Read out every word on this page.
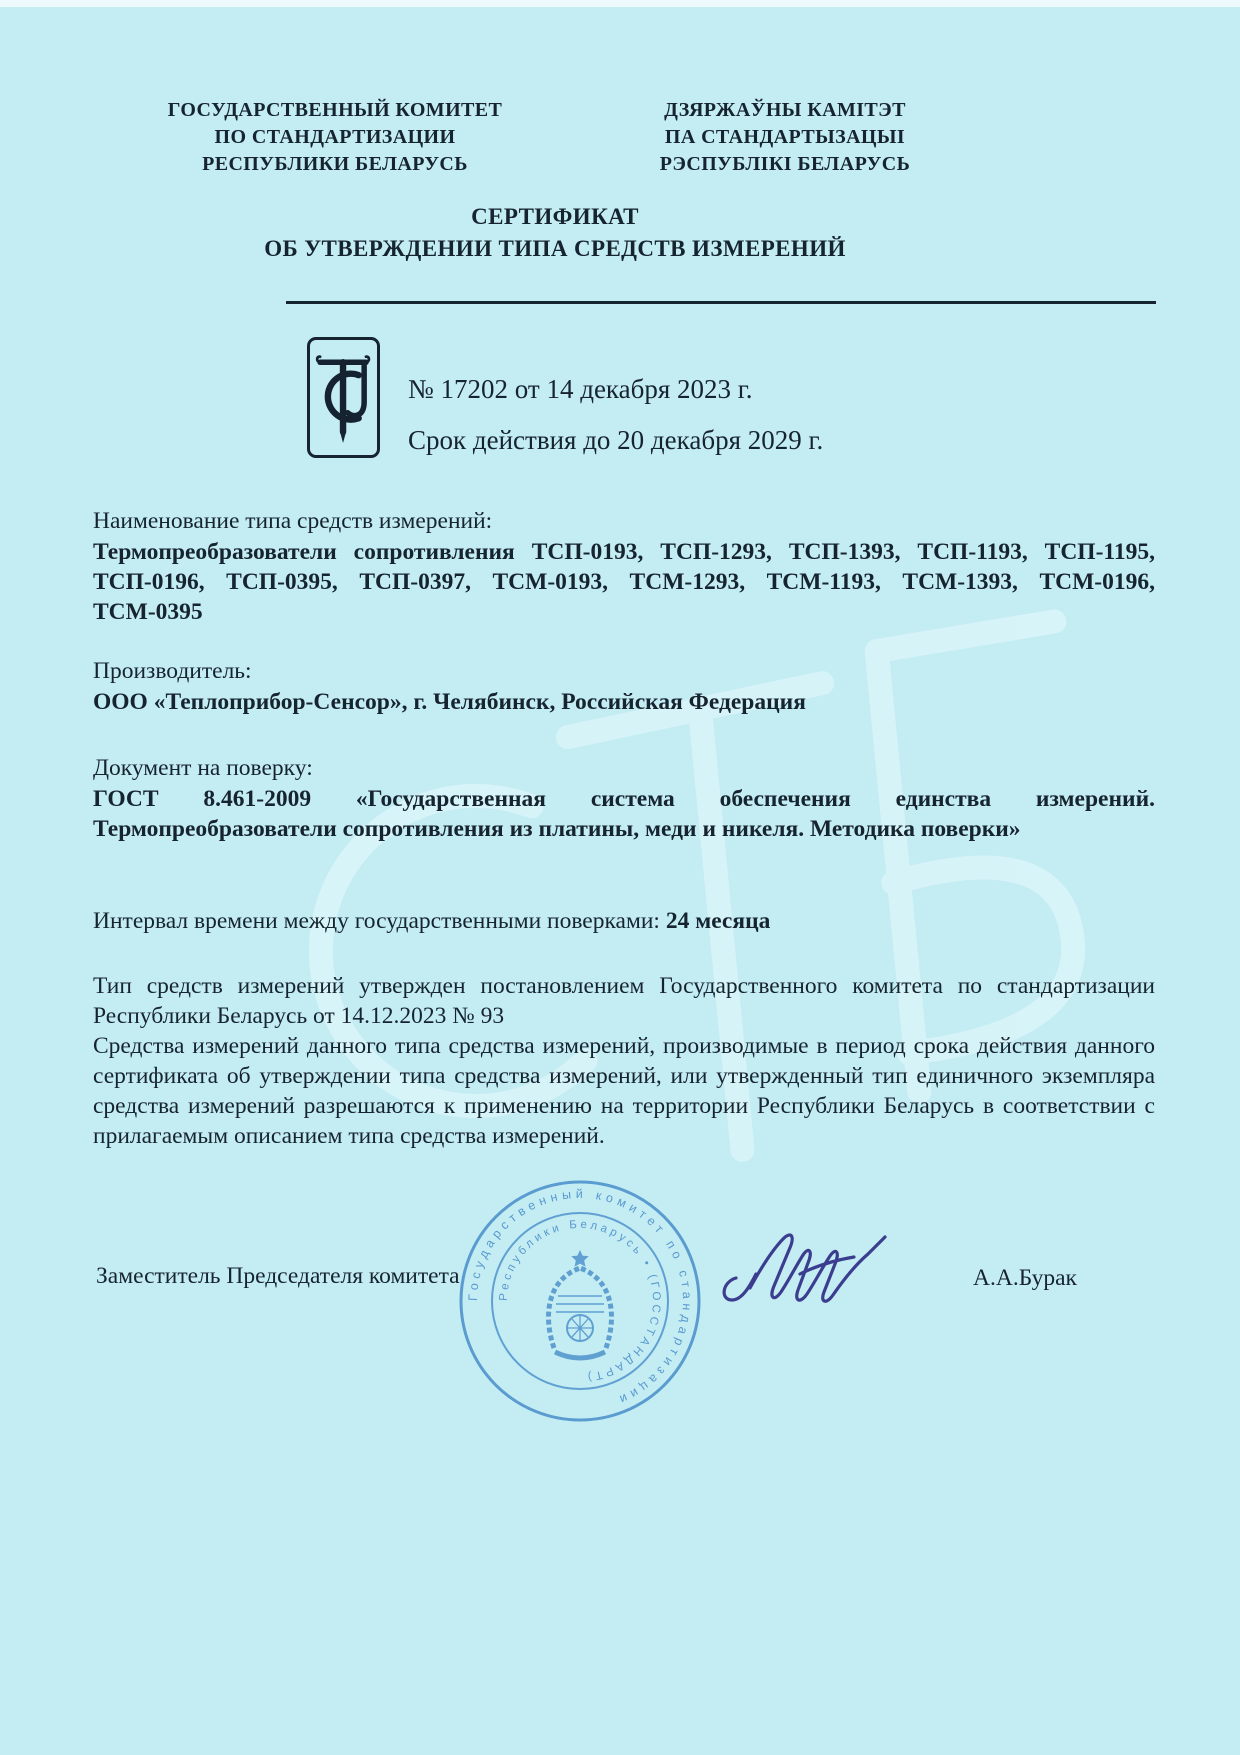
ГОСУДАРСТВЕННЫЙ КОМИТЕТ
ПО СТАНДАРТИЗАЦИИ
РЕСПУБЛИКИ БЕЛАРУСЬ
ДЗЯРЖАЎНЫ КАМІТЭТ
ПА СТАНДАРТЫЗАЦЫІ
РЭСПУБЛІКІ БЕЛАРУСЬ
СЕРТИФИКАТ
ОБ УТВЕРЖДЕНИИ ТИПА СРЕДСТВ ИЗМЕРЕНИЙ
№ 17202 от 14 декабря 2023 г.
Срок действия до 20 декабря 2029 г.
Наименование типа средств измерений:
Термопреобразователи сопротивления ТСП-0193, ТСП-1293, ТСП-1393, ТСП-1193, ТСП-1195, ТСП-0196, ТСП-0395, ТСП-0397, ТСМ-0193, ТСМ-1293, ТСМ-1193, ТСМ-1393, ТСМ-0196, ТСМ-0395
Производитель:
ООО «Теплоприбор-Сенсор», г. Челябинск, Российская Федерация
Документ на поверку:
ГОСТ 8.461-2009 «Государственная система обеспечения единства измерений. Термопреобразователи сопротивления из платины, меди и никеля. Методика поверки»
Интервал времени между государственными поверками: 24 месяца
Тип средств измерений утвержден постановлением Государственного комитета по стандартизации Республики Беларусь от 14.12.2023 № 93
Средства измерений данного типа средства измерений, производимые в период срока действия данного сертификата об утверждении типа средства измерений, или утвержденный тип единичного экземпляра средства измерений разрешаются к применению на территории Республики Беларусь в соответствии с прилагаемым описанием типа средства измерений.
Заместитель Председателя комитета	А.А.Бурак
Государственный комитет по стандартизации
Республики Беларусь • (ГОССТАНДАРТ)
